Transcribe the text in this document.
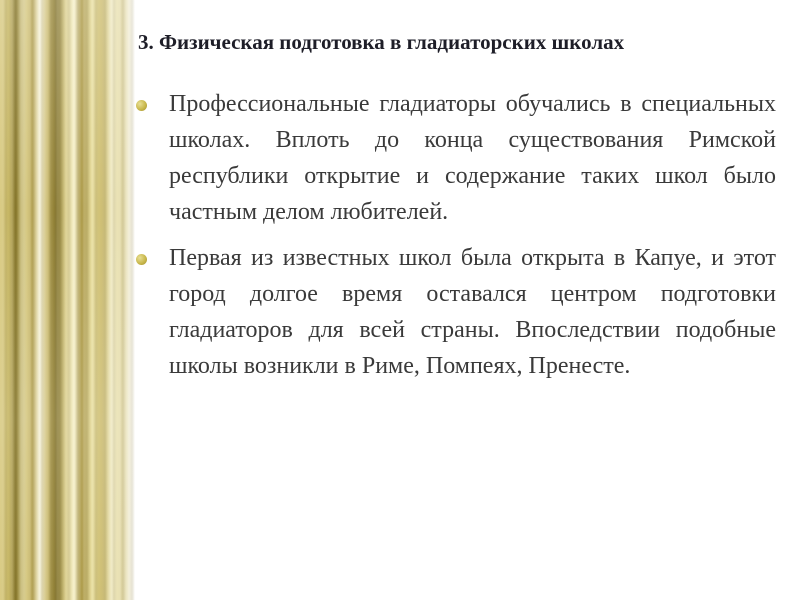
3. Физическая подготовка в гладиаторских школах
Профессиональные гладиаторы обучались в специальных школах. Вплоть до конца существования Римской республики открытие и содержание таких школ было частным делом любителей.
Первая из известных школ была открыта в Капуе, и этот город долгое время оставался центром подготовки гладиаторов для всей страны. Впоследствии подобные школы возникли в Риме, Помпеях, Пренесте.
